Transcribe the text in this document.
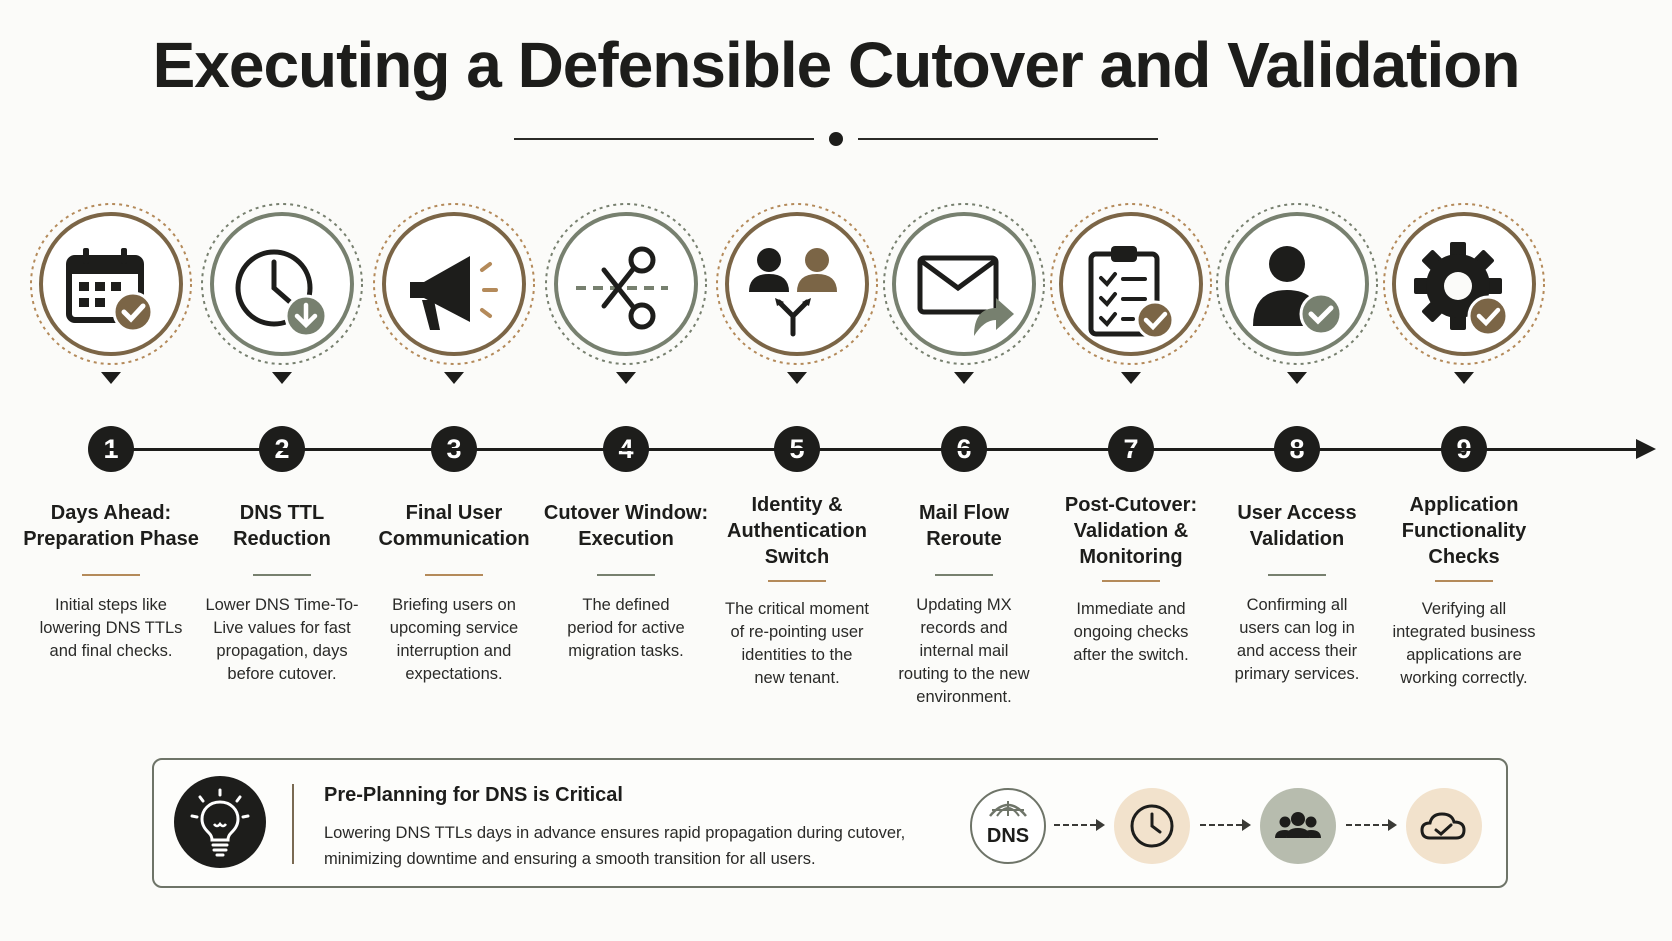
Executing a Defensible Cutover and Validation
Days Ahead:
Preparation Phase
Initial steps like
lowering DNS TTLs
and final checks.
DNS TTL
Reduction
Lower DNS Time-To-
Live values for fast
propagation, days
before cutover.
Final User
Communication
Briefing users on
upcoming service
interruption and
expectations.
Cutover Window:
Execution
The defined
period for active
migration tasks.
Identity &
Authentication
Switch
The critical moment
of re-pointing user
identities to the
new tenant.
Mail Flow
Reroute
Updating MX
records and
internal mail
routing to the new
environment.
Post-Cutover:
Validation &
Monitoring
Immediate and
ongoing checks
after the switch.
User Access
Validation
Confirming all
users can log in
and access their
primary services.
Application
Functionality
Checks
Verifying all
integrated business
applications are
working correctly.
Pre-Planning for DNS is Critical
Lowering DNS TTLs days in advance ensures rapid propagation during cutover,
minimizing downtime and ensuring a smooth transition for all users.
DNS
